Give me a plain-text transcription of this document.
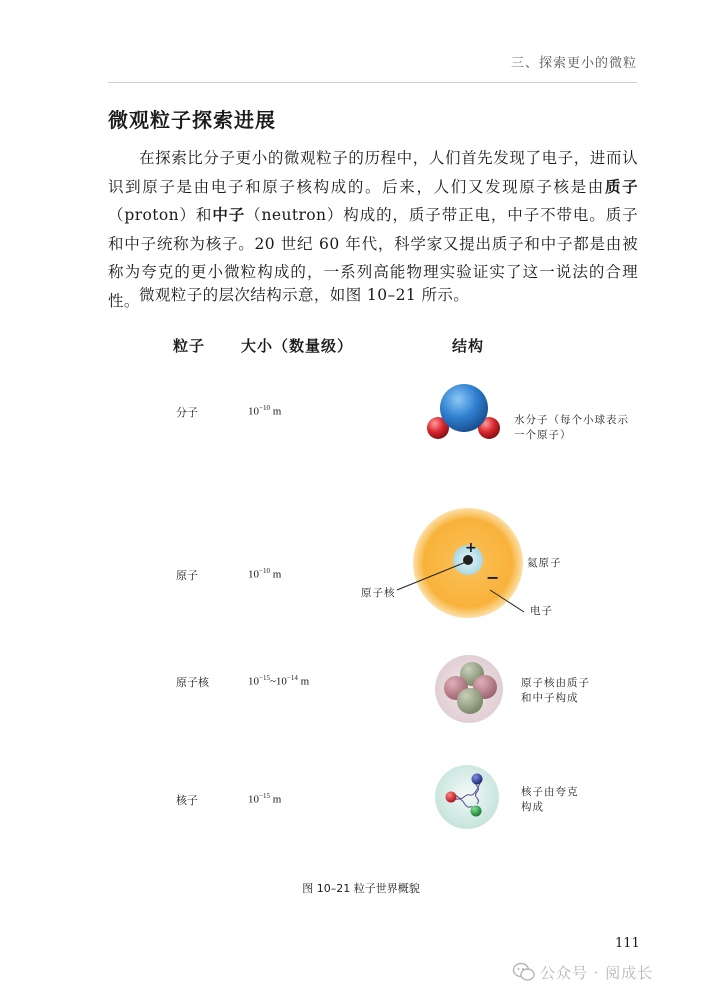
三、探索更小的微粒
微观粒子探索进展
在探索比分子更小的微观粒子的历程中，人们首先发现了电子，进而认识到原子是由电子和原子核构成的。后来，人们又发现原子核是由质子（proton）和中子（neutron）构成的，质子带正电，中子不带电。质子和中子统称为核子。20 世纪 60 年代，科学家又提出质子和中子都是由被称为夸克的更小微粒构成的，一系列高能物理实验证实了这一说法的合理性。 微观粒子的层次结构示意，如图 10–21 所示。
粒子 大小（数量级）	结构
分子	$10^{-10}$ m
水分子（每个小球表示
一个原子）
原子	$10^{-10}$ m
+
−
氦原子
原子核
电子
原子核	$10^{-15}\sim 10^{-14}$ m	原子核由质子
和中子构成
核子	$10^{-15}$ m
核子由夸克
构成
图 10–21 粒子世界概貌
111
公众号 · 阅成长
